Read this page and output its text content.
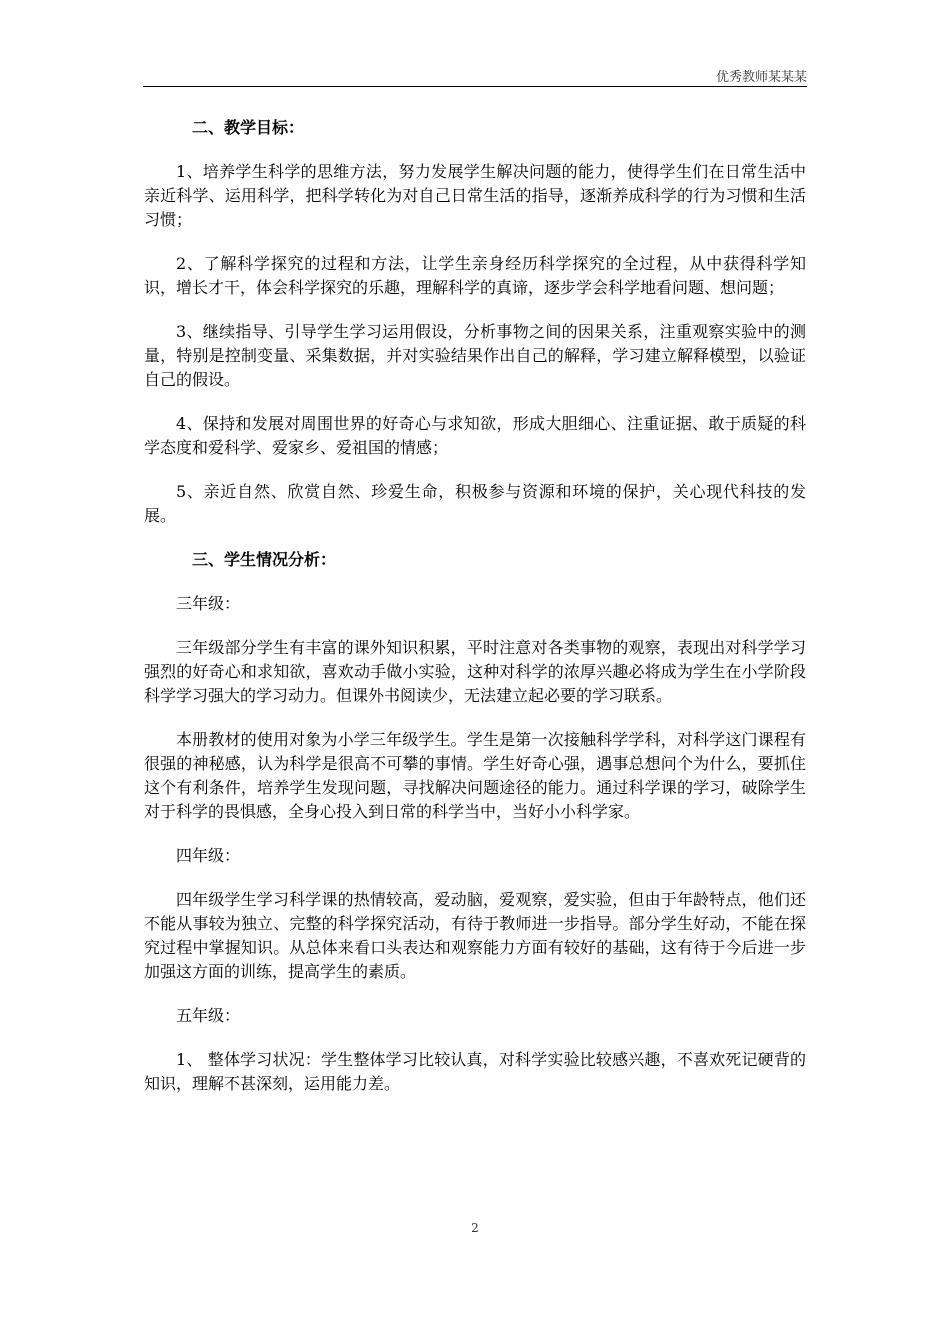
优秀教师某某某
二、教学目标：
1、培养学生科学的思维方法，努力发展学生解决问题的能力，使得学生们在日常生活中亲近科学、运用科学，把科学转化为对自己日常生活的指导，逐渐养成科学的行为习惯和生活习惯；
2、了解科学探究的过程和方法，让学生亲身经历科学探究的全过程，从中获得科学知识，增长才干，体会科学探究的乐趣，理解科学的真谛，逐步学会科学地看问题、想问题；
3、继续指导、引导学生学习运用假设，分析事物之间的因果关系，注重观察实验中的测量，特别是控制变量、采集数据，并对实验结果作出自己的解释，学习建立解释模型，以验证自己的假设。
4、保持和发展对周围世界的好奇心与求知欲，形成大胆细心、注重证据、敢于质疑的科学态度和爱科学、爱家乡、爱祖国的情感；
5、亲近自然、欣赏自然、珍爱生命，积极参与资源和环境的保护，关心现代科技的发展。
三、学生情况分析：
三年级：
三年级部分学生有丰富的课外知识积累，平时注意对各类事物的观察，表现出对科学学习强烈的好奇心和求知欲，喜欢动手做小实验，这种对科学的浓厚兴趣必将成为学生在小学阶段科学学习强大的学习动力。但课外书阅读少，无法建立起必要的学习联系。
本册教材的使用对象为小学三年级学生。学生是第一次接触科学学科，对科学这门课程有很强的神秘感，认为科学是很高不可攀的事情。学生好奇心强，遇事总想问个为什么，要抓住这个有利条件，培养学生发现问题，寻找解决问题途径的能力。通过科学课的学习，破除学生对于科学的畏惧感，全身心投入到日常的科学当中，当好小小科学家。
四年级：
四年级学生学习科学课的热情较高，爱动脑，爱观察，爱实验，但由于年龄特点，他们还不能从事较为独立、完整的科学探究活动，有待于教师进一步指导。部分学生好动，不能在探究过程中掌握知识。从总体来看口头表达和观察能力方面有较好的基础，这有待于今后进一步加强这方面的训练，提高学生的素质。
五年级：
1、 整体学习状况：学生整体学习比较认真，对科学实验比较感兴趣，不喜欢死记硬背的知识，理解不甚深刻，运用能力差。
2
